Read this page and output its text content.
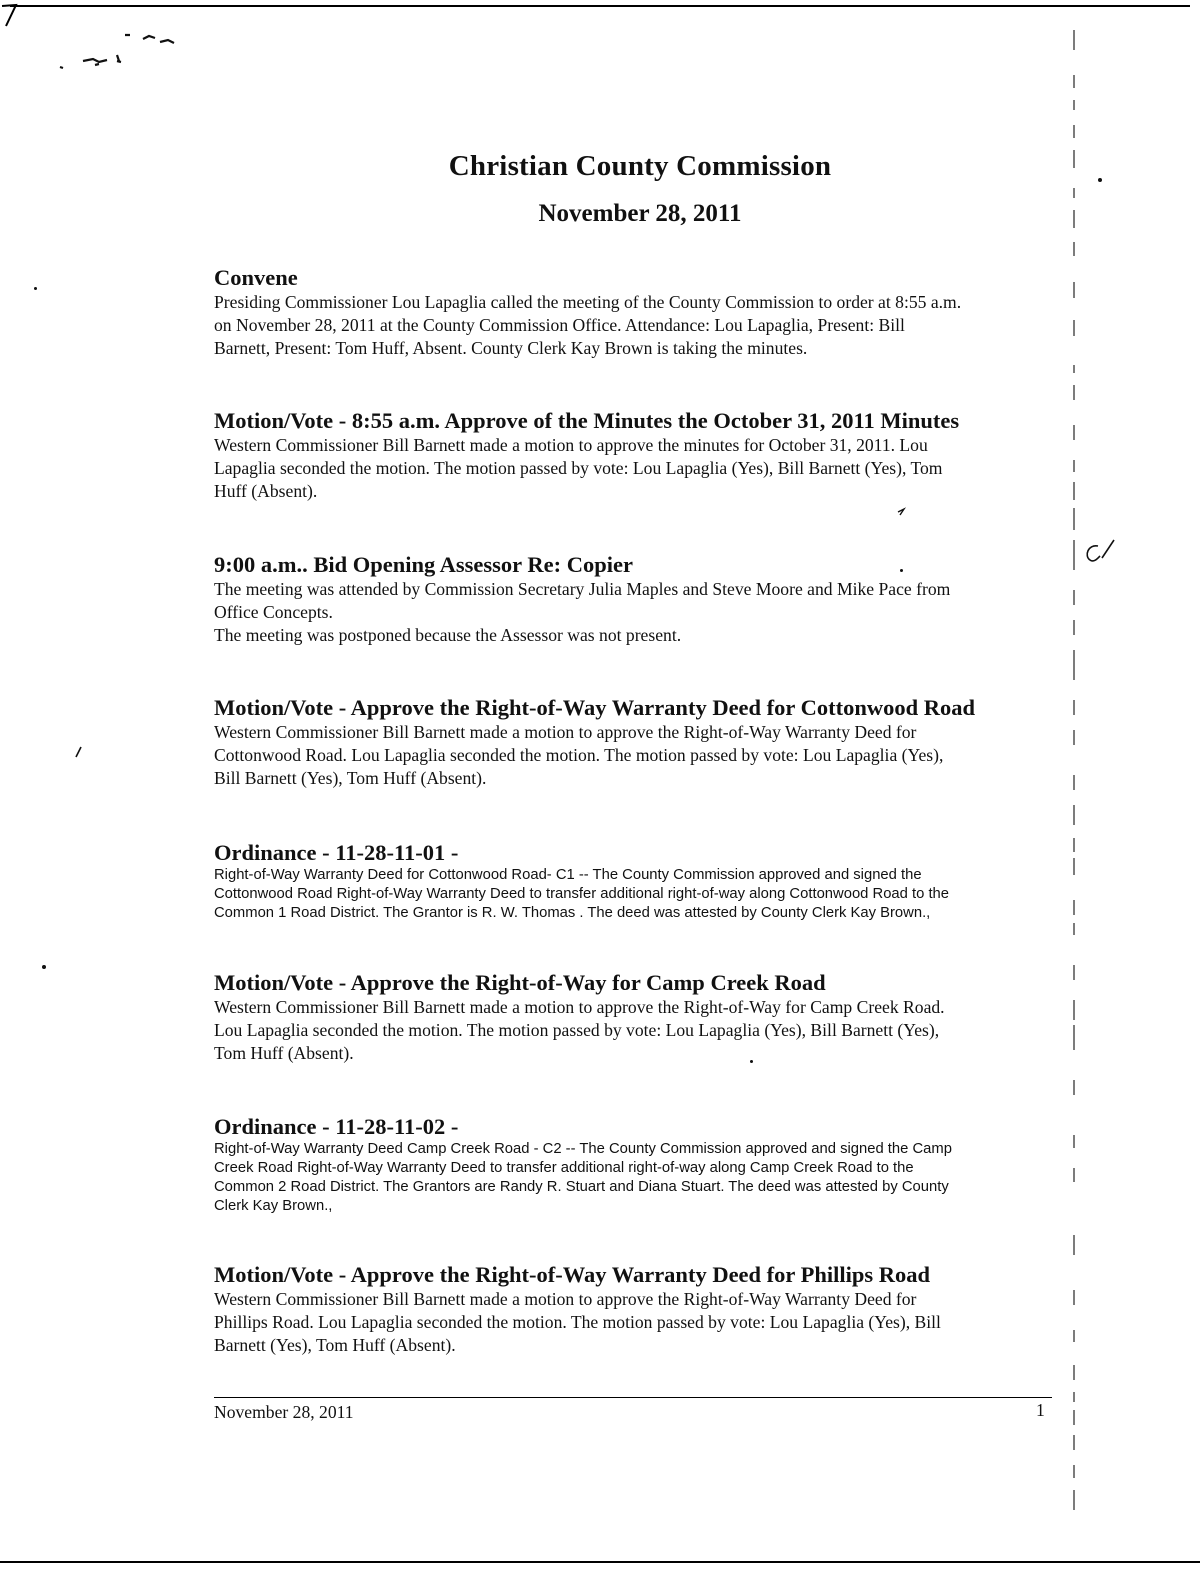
Christian County Commission
November 28, 2011
Convene
Presiding Commissioner Lou Lapaglia called the meeting of the County Commission to order at 8:55 a.m.
on November 28, 2011 at the County Commission Office. Attendance: Lou Lapaglia, Present: Bill
Barnett, Present: Tom Huff, Absent. County Clerk Kay Brown is taking the minutes.
Motion/Vote - 8:55 a.m. Approve of the Minutes the October 31, 2011 Minutes
Western Commissioner Bill Barnett made a motion to approve the minutes for October 31, 2011. Lou
Lapaglia seconded the motion. The motion passed by vote: Lou Lapaglia (Yes), Bill Barnett (Yes), Tom
Huff (Absent).
9:00 a.m.. Bid Opening Assessor Re: Copier
The meeting was attended by Commission Secretary Julia Maples and Steve Moore and Mike Pace from
Office Concepts.
The meeting was postponed because the Assessor was not present.
Motion/Vote - Approve the Right-of-Way Warranty Deed for Cottonwood Road
Western Commissioner Bill Barnett made a motion to approve the Right-of-Way Warranty Deed for
Cottonwood Road. Lou Lapaglia seconded the motion. The motion passed by vote: Lou Lapaglia (Yes),
Bill Barnett (Yes), Tom Huff (Absent).
Ordinance - 11-28-11-01 -
Right-of-Way Warranty Deed for Cottonwood Road- C1 -- The County Commission approved and signed the
Cottonwood Road Right-of-Way Warranty Deed to transfer additional right-of-way along Cottonwood Road to the
Common 1 Road District. The Grantor is R. W. Thomas . The deed was attested by County Clerk Kay Brown.,
Motion/Vote - Approve the Right-of-Way for Camp Creek Road
Western Commissioner Bill Barnett made a motion to approve the Right-of-Way for Camp Creek Road.
Lou Lapaglia seconded the motion. The motion passed by vote: Lou Lapaglia (Yes), Bill Barnett (Yes),
Tom Huff (Absent).
Ordinance - 11-28-11-02 -
Right-of-Way Warranty Deed Camp Creek Road - C2 -- The County Commission approved and signed the Camp
Creek Road Right-of-Way Warranty Deed to transfer additional right-of-way along Camp Creek Road to the
Common 2 Road District. The Grantors are Randy R. Stuart and Diana Stuart. The deed was attested by County
Clerk Kay Brown.,
Motion/Vote - Approve the Right-of-Way Warranty Deed for Phillips Road
Western Commissioner Bill Barnett made a motion to approve the Right-of-Way Warranty Deed for
Phillips Road. Lou Lapaglia seconded the motion. The motion passed by vote: Lou Lapaglia (Yes), Bill
Barnett (Yes), Tom Huff (Absent).
November 28, 2011	1
